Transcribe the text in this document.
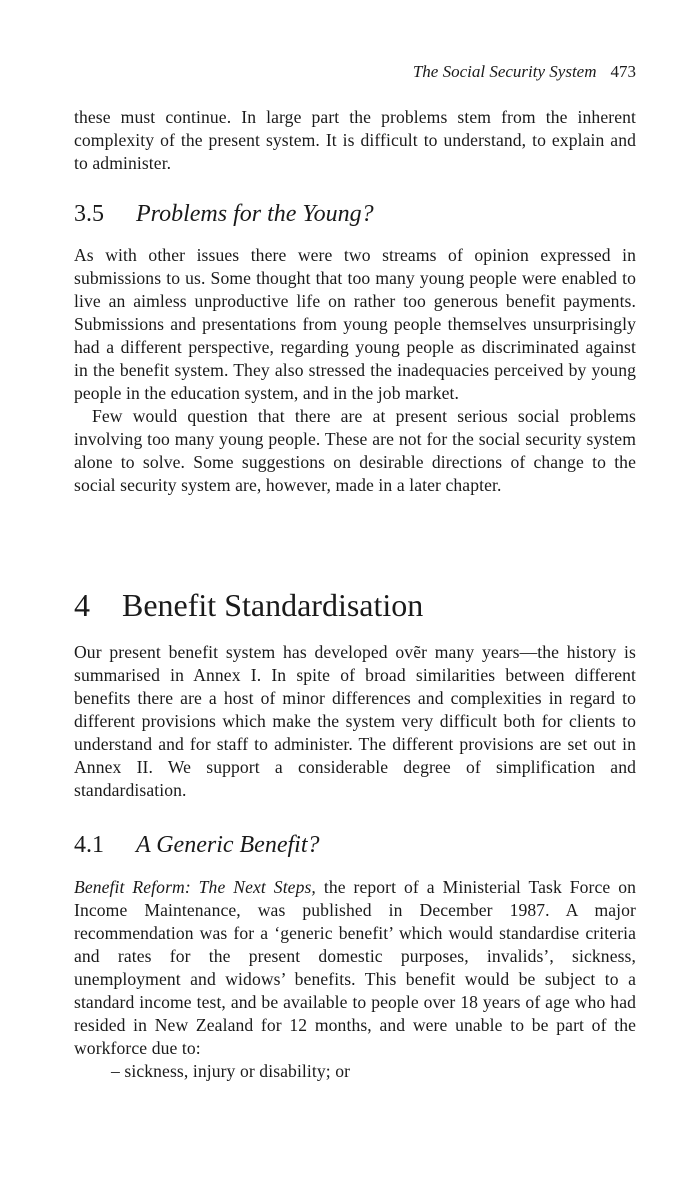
The Social Security System 473

these must continue. In large part the problems stem from the inherent complexity of the present system. It is difficult to understand, to explain and to administer.

3.5 Problems for the Young?

As with other issues there were two streams of opinion expressed in submissions to us. Some thought that too many young people were enabled to live an aimless unproductive life on rather too generous benefit payments. Submissions and presentations from young people themselves unsurprisingly had a different perspective, regarding young people as discriminated against in the benefit system. They also stressed the inadequacies perceived by young people in the education system, and in the job market.

Few would question that there are at present serious social problems involving too many young people. These are not for the social security system alone to solve. Some suggestions on desirable directions of change to the social security system are, however, made in a later chapter.

4 Benefit Standardisation

Our present benefit system has developed ovẽr many years—the history is summarised in Annex I. In spite of broad similarities between different benefits there are a host of minor differences and complexities in regard to different provisions which make the system very difficult both for clients to understand and for staff to administer. The different provisions are set out in Annex II. We support a considerable degree of simplification and standardisation.

4.1 A Generic Benefit?

Benefit Reform: The Next Steps, the report of a Ministerial Task Force on Income Maintenance, was published in December 1987. A major recommendation was for a ‘generic benefit’ which would standardise criteria and rates for the present domestic purposes, invalids’, sickness, unemployment and widows’ benefits. This benefit would be subject to a standard income test, and be available to people over 18 years of age who had resided in New Zealand for 12 months, and were unable to be part of the workforce due to:

– sickness, injury or disability; or
